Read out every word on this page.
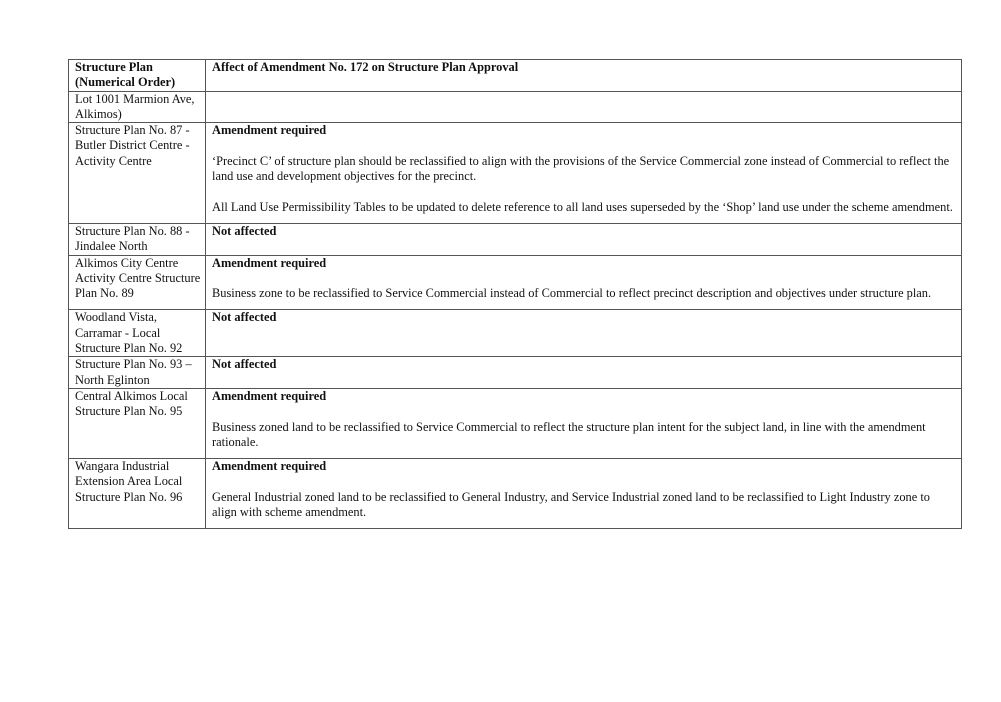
Structure Plan (Numerical Order)	Affect of Amendment No. 172 on Structure Plan Approval
Lot 1001 Marmion Ave, Alkimos)	
Structure Plan No. 87 - Butler District Centre - Activity Centre	Amendment required
‘Precinct C’ of structure plan should be reclassified to align with the provisions of the Service Commercial zone instead of Commercial to reflect the land use and development objectives for the precinct.
All Land Use Permissibility Tables to be updated to delete reference to all land uses superseded by the ‘Shop’ land use under the scheme amendment.

Structure Plan No. 88 - Jindalee North	Not affected

Alkimos City Centre Activity Centre Structure Plan No. 89	Amendment required
Business zone to be reclassified to Service Commercial instead of Commercial to reflect precinct description and objectives under structure plan.

Woodland Vista, Carramar - Local Structure Plan No. 92	Not affected

Structure Plan No. 93 – North Eglinton	Not affected

Central Alkimos Local Structure Plan No. 95	Amendment required
Business zoned land to be reclassified to Service Commercial to reflect the structure plan intent for the subject land, in line with the amendment rationale.

Wangara Industrial Extension Area Local Structure Plan No. 96	Amendment required
General Industrial zoned land to be reclassified to General Industry, and Service Industrial zoned land to be reclassified to Light Industry zone to align with scheme amendment.
